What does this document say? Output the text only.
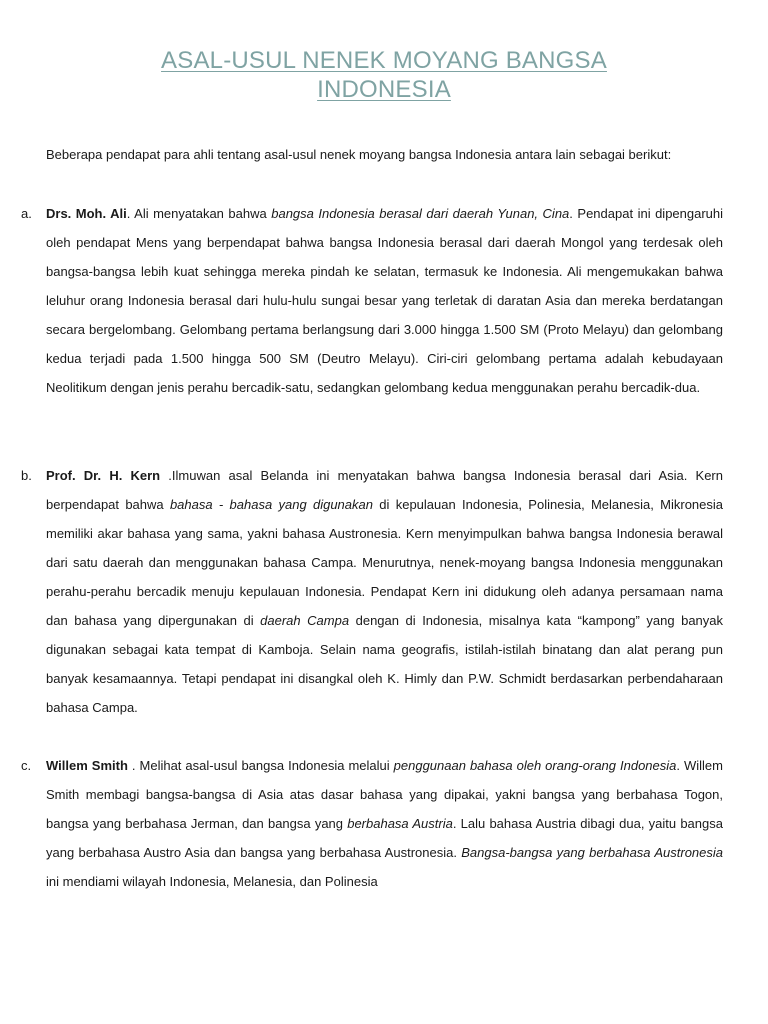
ASAL-USUL NENEK MOYANG BANGSA
INDONESIA
Beberapa pendapat para ahli tentang asal-usul nenek moyang bangsa Indonesia antara lain sebagai berikut:
a.	Drs. Moh. Ali. Ali menyatakan bahwa bangsa Indonesia berasal dari daerah Yunan, Cina. Pendapat ini dipengaruhi oleh pendapat Mens yang berpendapat bahwa bangsa Indonesia berasal dari daerah Mongol yang terdesak oleh bangsa-bangsa lebih kuat sehingga mereka pindah ke selatan, termasuk ke Indonesia. Ali mengemukakan bahwa leluhur orang Indonesia berasal dari hulu-hulu sungai besar yang terletak di daratan Asia dan mereka berdatangan secara bergelombang. Gelombang pertama berlangsung dari 3.000 hingga 1.500 SM (Proto Melayu) dan gelombang kedua terjadi pada 1.500 hingga 500 SM (Deutro Melayu). Ciri-ciri gelombang pertama adalah kebudayaan Neolitikum dengan jenis perahu bercadik-satu, sedangkan gelombang kedua menggunakan perahu bercadik-dua.
b.	Prof. Dr. H. Kern .Ilmuwan asal Belanda ini menyatakan bahwa bangsa Indonesia berasal dari Asia. Kern berpendapat bahwa bahasa - bahasa yang digunakan di kepulauan Indonesia, Polinesia, Melanesia, Mikronesia memiliki akar bahasa yang sama, yakni bahasa Austronesia. Kern menyimpulkan bahwa bangsa Indonesia berawal dari satu daerah dan menggunakan bahasa Campa. Menurutnya, nenek-moyang bangsa Indonesia menggunakan perahu-perahu bercadik menuju kepulauan Indonesia. Pendapat Kern ini didukung oleh adanya persamaan nama dan bahasa yang dipergunakan di daerah Campa dengan di Indonesia, misalnya kata “kampong” yang banyak digunakan sebagai kata tempat di Kamboja. Selain nama geografis, istilah-istilah binatang dan alat perang pun banyak kesamaannya. Tetapi pendapat ini disangkal oleh K. Himly dan P.W. Schmidt berdasarkan perbendaharaan bahasa Campa.
c.	Willem Smith . Melihat asal-usul bangsa Indonesia melalui penggunaan bahasa oleh orang-orang Indonesia. Willem Smith membagi bangsa-bangsa di Asia atas dasar bahasa yang dipakai, yakni bangsa yang berbahasa Togon, bangsa yang berbahasa Jerman, dan bangsa yang berbahasa Austria. Lalu bahasa Austria dibagi dua, yaitu bangsa yang berbahasa Austro Asia dan bangsa yang berbahasa Austronesia. Bangsa-bangsa yang berbahasa Austronesia ini mendiami wilayah Indonesia, Melanesia, dan Polinesia
